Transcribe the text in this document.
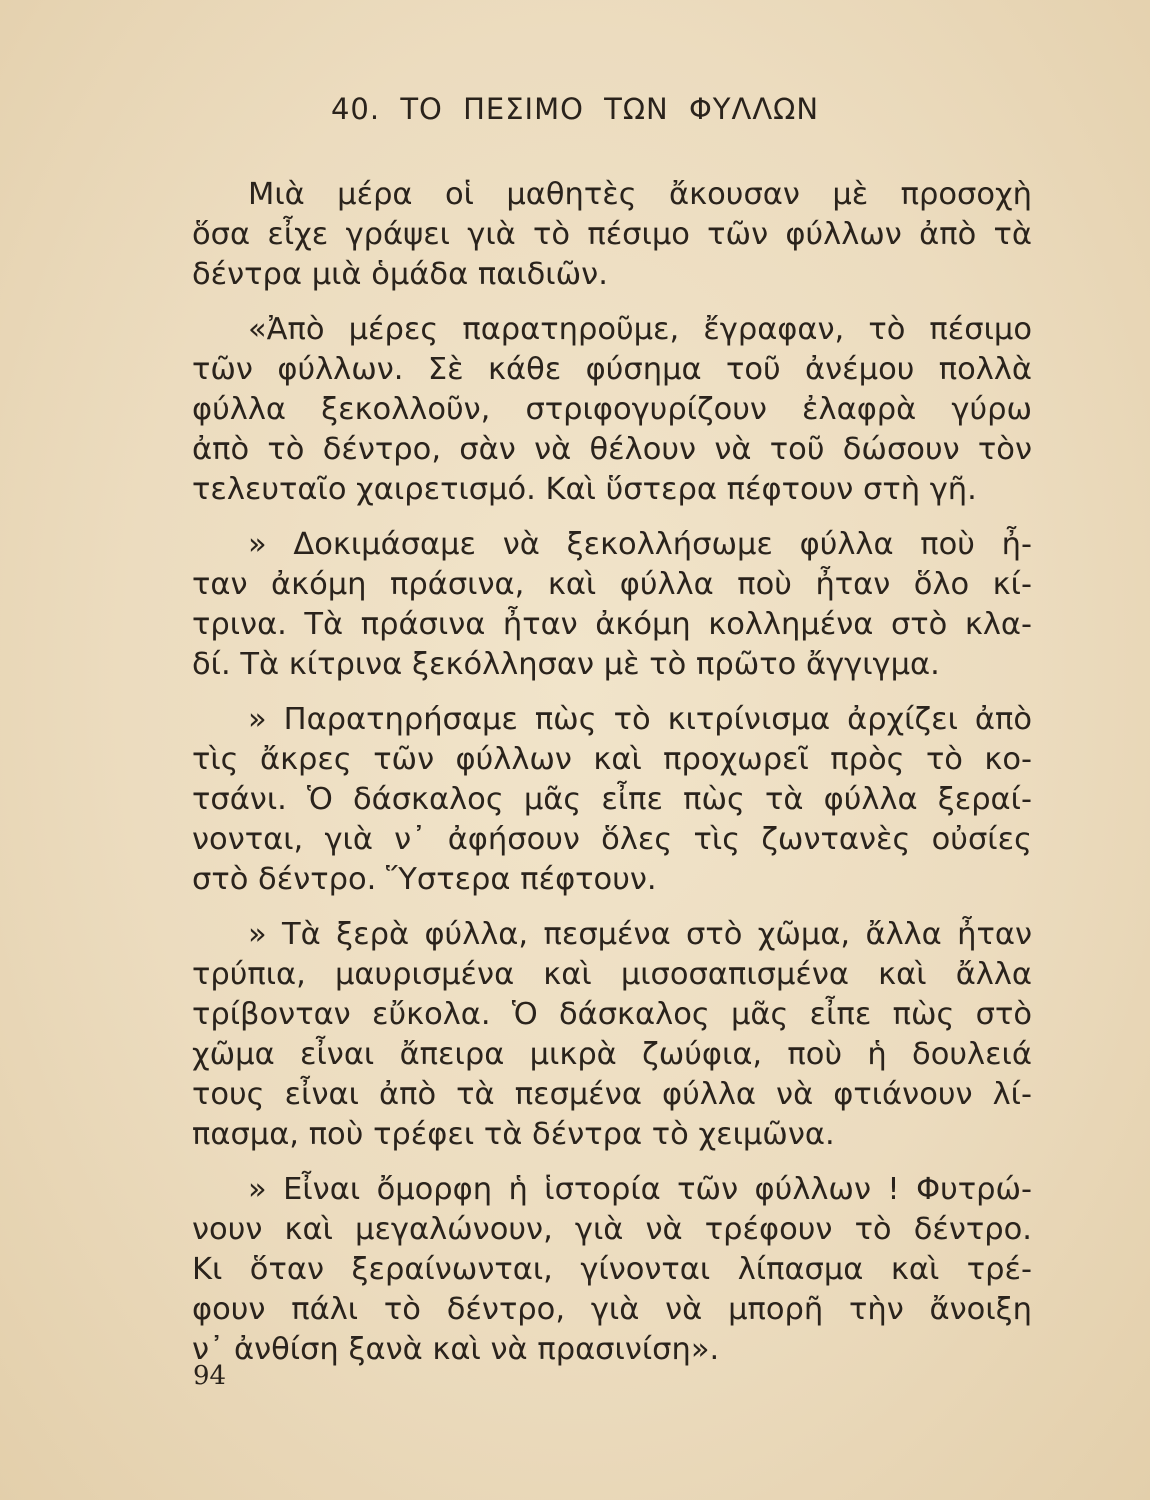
40. ΤΟ ΠΕΣΙΜΟ ΤΩΝ ΦΥΛΛΩΝ

Μιὰ μέρα οἱ μαθητὲς ἄκουσαν μὲ προσοχὴ
ὅσα εἶχε γράψει γιὰ τὸ πέσιμο τῶν φύλλων ἀπὸ τὰ
δέντρα μιὰ ὁμάδα παιδιῶν.

«Ἀπὸ μέρες παρατηροῦμε, ἔγραφαν, τὸ πέσιμο
τῶν φύλλων. Σὲ κάθε φύσημα τοῦ ἀνέμου πολλὰ
φύλλα ξεκολλοῦν, στριφογυρίζουν ἐλαφρὰ γύρω
ἀπὸ τὸ δέντρο, σὰν νὰ θέλουν νὰ τοῦ δώσουν τὸν
τελευταῖο χαιρετισμό. Καὶ ὕστερα πέφτουν στὴ γῆ.

» Δοκιμάσαμε νὰ ξεκολλήσωμε φύλλα ποὺ ἦ-
ταν ἀκόμη πράσινα, καὶ φύλλα ποὺ ἦταν ὅλο κί-
τρινα. Τὰ πράσινα ἦταν ἀκόμη κολλημένα στὸ κλα-
δί. Τὰ κίτρινα ξεκόλλησαν μὲ τὸ πρῶτο ἄγγιγμα.

» Παρατηρήσαμε πὼς τὸ κιτρίνισμα ἀρχίζει ἀπὸ
τὶς ἄκρες τῶν φύλλων καὶ προχωρεῖ πρὸς τὸ κο-
τσάνι. Ὁ δάσκαλος μᾶς εἶπε πὼς τὰ φύλλα ξεραί-
νονται, γιὰ ν᾿ ἀφήσουν ὅλες τὶς ζωντανὲς οὐσίες
στὸ δέντρο. Ὕστερα πέφτουν.

» Τὰ ξερὰ φύλλα, πεσμένα στὸ χῶμα, ἄλλα ἦταν
τρύπια, μαυρισμένα καὶ μισοσαπισμένα καὶ ἄλλα
τρίβονταν εὔκολα. Ὁ δάσκαλος μᾶς εἶπε πὼς στὸ
χῶμα εἶναι ἄπειρα μικρὰ ζωύφια, ποὺ ἡ δουλειά
τους εἶναι ἀπὸ τὰ πεσμένα φύλλα νὰ φτιάνουν λί-
πασμα, ποὺ τρέφει τὰ δέντρα τὸ χειμῶνα.

» Εἶναι ὄμορφη ἡ ἱστορία τῶν φύλλων ! Φυτρώ-
νουν καὶ μεγαλώνουν, γιὰ νὰ τρέφουν τὸ δέντρο.
Κι ὅταν ξεραίνωνται, γίνονται λίπασμα καὶ τρέ-
φουν πάλι τὸ δέντρο, γιὰ νὰ μπορῆ τὴν ἄνοιξη
ν᾿ ἀνθίση ξανὰ καὶ νὰ πρασινίση».

94
